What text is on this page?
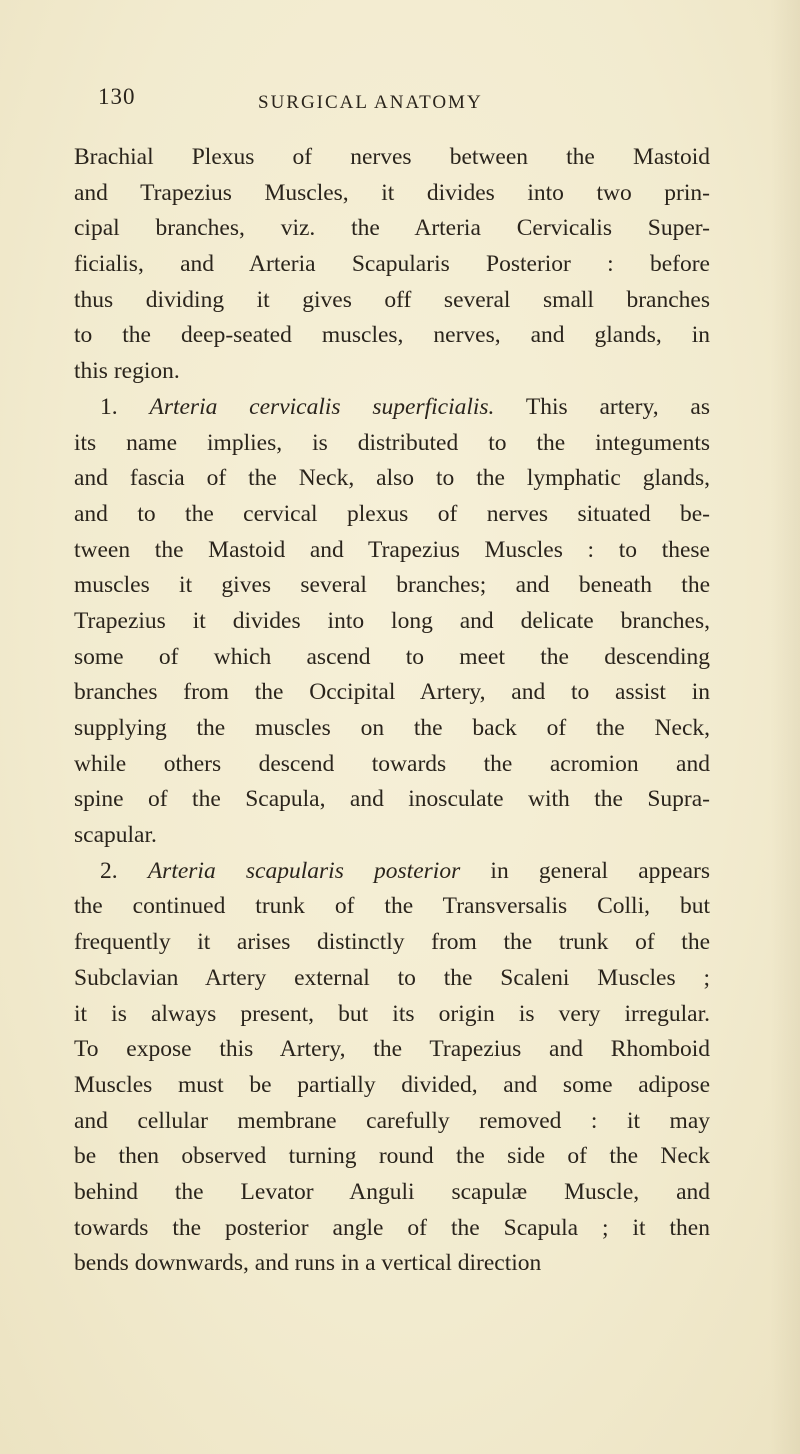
130	SURGICAL ANATOMY
Brachial Plexus of nerves between the Mastoid
and Trapezius Muscles, it divides into two prin-
cipal branches, viz. the Arteria Cervicalis Super-
ficialis, and Arteria Scapularis Posterior : before
thus dividing it gives off several small branches
to the deep-seated muscles, nerves, and glands, in
this region.
1. Arteria cervicalis superficialis. This artery, as
its name implies, is distributed to the integuments
and fascia of the Neck, also to the lymphatic glands,
and to the cervical plexus of nerves situated be-
tween the Mastoid and Trapezius Muscles : to these
muscles it gives several branches; and beneath the
Trapezius it divides into long and delicate branches,
some of which ascend to meet the descending
branches from the Occipital Artery, and to assist in
supplying the muscles on the back of the Neck,
while others descend towards the acromion and
spine of the Scapula, and inosculate with the Supra-
scapular.
2. Arteria scapularis posterior in general appears
the continued trunk of the Transversalis Colli, but
frequently it arises distinctly from the trunk of the
Subclavian Artery external to the Scaleni Muscles ;
it is always present, but its origin is very irregular.
To expose this Artery, the Trapezius and Rhomboid
Muscles must be partially divided, and some adipose
and cellular membrane carefully removed : it may
be then observed turning round the side of the Neck
behind the Levator Anguli scapulæ Muscle, and
towards the posterior angle of the Scapula ; it then
bends downwards, and runs in a vertical direction
